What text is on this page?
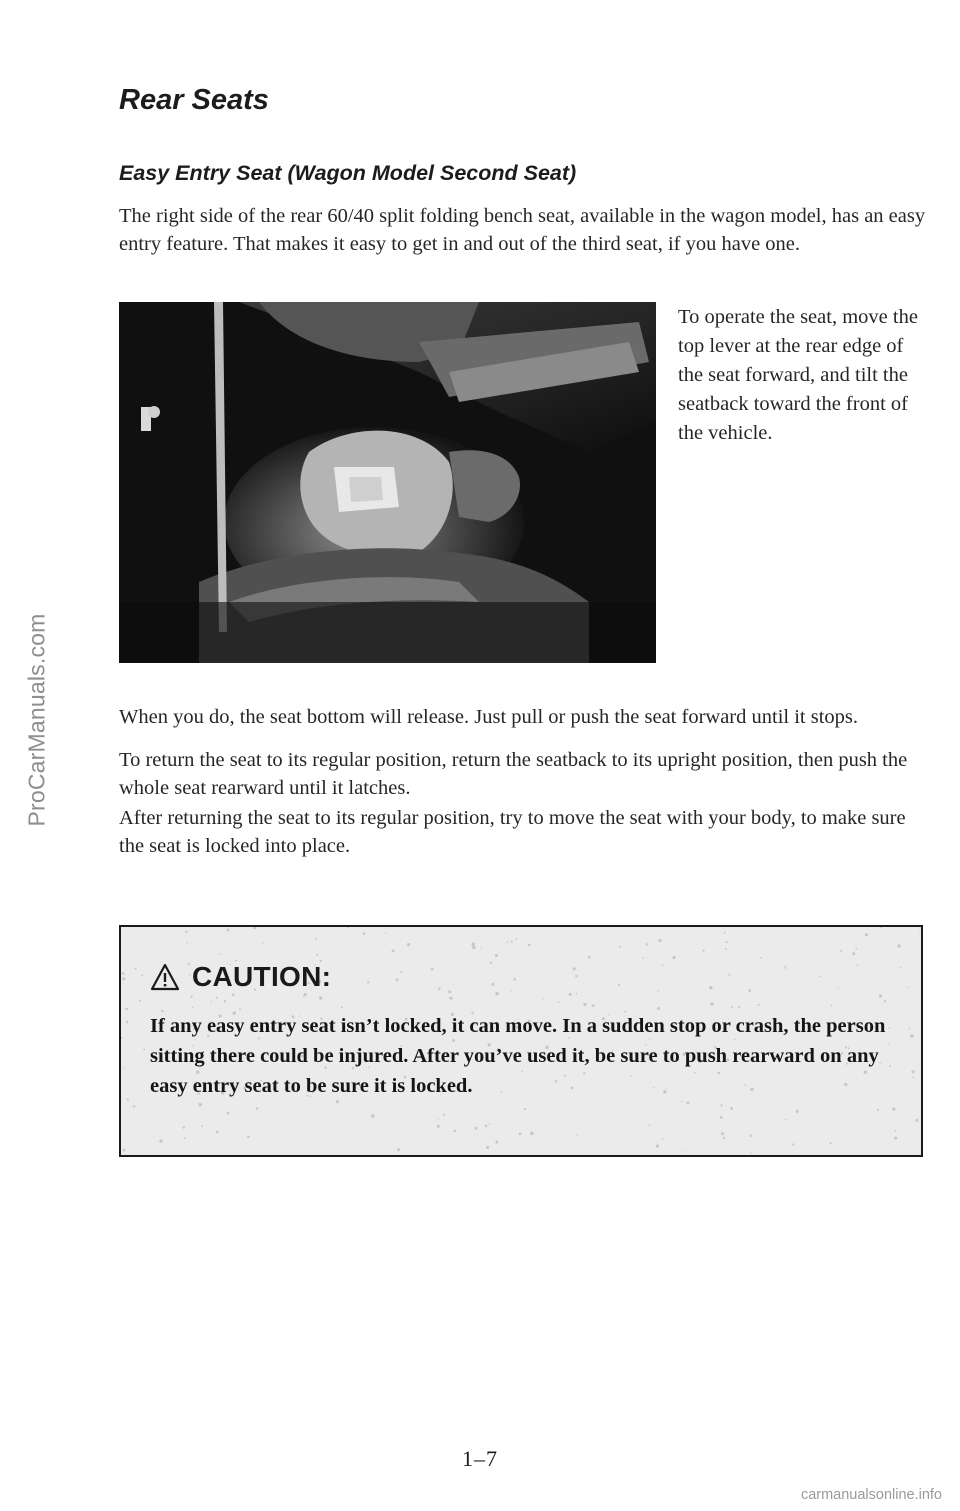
ProCarManuals.com
Rear Seats
Easy Entry Seat (Wagon Model Second Seat)

The right side of the rear 60/40 split folding bench seat, available in the wagon model, has an easy entry feature. That makes it easy to get in and out of the third seat, if you have one.

To operate the seat, move the top lever at the rear edge of the seat forward, and tilt the seatback toward the front of the vehicle.

When you do, the seat bottom will release. Just pull or push the seat forward until it stops.

To return the seat to its regular position, return the seatback to its upright position, then push the whole seat rearward until it latches.

After returning the seat to its regular position, try to move the seat with your body, to make sure the seat is locked into place.

CAUTION:

If any easy entry seat isn’t locked, it can move. In a sudden stop or crash, the person sitting there could be injured. After you’ve used it, be sure to push rearward on any easy entry seat to be sure it is locked.

1–7
carmanualsonline.info
